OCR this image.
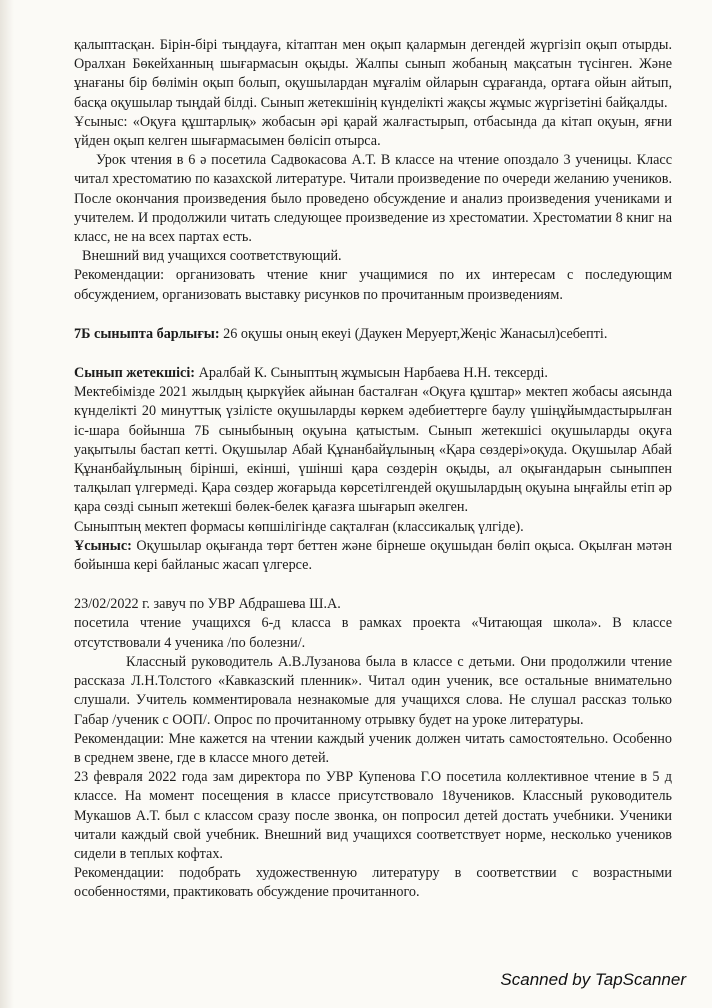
қалыптасқан. Бірін-бірі тыңдауға, кітаптан мен оқып қалармын дегендей жүргізіп оқып отырды. Оралхан Бөкейханның шығармасын оқыды. Жалпы сынып жобаның мақсатын түсінген. Және ұнағаны бір бөлімін оқып болып, оқушылардан мұғалім ойларын сұрағанда, ортаға ойын айтып, басқа оқушылар тыңдай білді. Сынып жетекшінің күнделікті жақсы жұмыс жүргізетіні байқалды.

Ұсыныс: «Оқуға құштарлық» жобасын әрі қарай жалғастырып, отбасында да кітап оқуын, яғни үйден оқып келген шығармасымен бөлісіп отырса.

Урок чтения в 6 ә посетила Садвокасова А.Т. В классе на чтение опоздало 3 ученицы. Класс читал хрестоматию по казахской литературе. Читали произведение по очереди желанию учеников. После окончания произведения было проведено обсуждение и анализ произведения учениками и учителем. И продолжили читать следующее произведение из хрестоматии. Хрестоматии 8 книг на класс, не на всех партах есть.

Внешний вид учащихся соответствующий.

Рекомендации: организовать чтение книг учащимися по их интересам с последующим обсуждением, организовать выставку рисунков по прочитанным произведениям.

7Б сыныпта барлығы: 26 оқушы оның екеуі (Даукен Меруерт,Жеңіс Жанасыл)себепті.

Сынып жетекшісі: Аралбай К. Сыныптың жұмысын Нарбаева Н.Н. тексерді.

Мектебімізде 2021 жылдың қыркүйек айынан басталған «Оқуға құштар» мектеп жобасы аясында күнделікті 20 минуттық үзілісте оқушыларды көркем әдебиеттерге баулу үшіңұйымдастырылған іс-шара бойынша 7Б сыныбының оқуына қатыстым. Сынып жетекшісі оқушыларды оқуға уақытылы бастап кетті. Оқушылар Абай Құнанбайұлының «Қара сөздері»оқуда. Оқушылар Абай Құнанбайұлының бірінші, екінші, үшінші қара сөздерін оқыды, ал оқығандарын сыныппен талқылап үлгермеді. Қара сөздер жоғарыда көрсетілгендей оқушылардың оқуына ыңғайлы етіп әр қара сөзді сынып жетекші бөлек-белек қағазға шығарып әкелген.

Сыныптың мектеп формасы көпшілігінде сақталған (классикалық үлгіде).

Ұсыныс: Оқушылар оқығанда төрт беттен және бірнеше оқушыдан бөліп оқыса. Оқылған мәтән бойынша кері байланыс жасап үлгерсе.

23/02/2022 г. завуч по УВР Абдрашева Ш.А.

посетила чтение учащихся 6-д класса в рамках проекта «Читающая школа». В классе отсутствовали 4 ученика /по болезни/.

Классный руководитель А.В.Лузанова была в классе с детьми. Они продолжили чтение рассказа Л.Н.Толстого «Кавказский пленник». Читал один ученик, все остальные внимательно слушали. Учитель комментировала незнакомые для учащихся слова. Не слушал рассказ только Габар /ученик с ООП/. Опрос по прочитанному отрывку будет на уроке литературы.

Рекомендации: Мне кажется на чтении каждый ученик должен читать самостоятельно. Особенно в среднем звене, где в классе много детей.

23 февраля 2022 года зам директора по УВР Купенова Г.О посетила коллективное чтение в 5 д классе. На момент посещения в классе присутствовало 18учеников. Классный руководитель Мукашов А.Т. был с классом сразу после звонка, он попросил детей достать учебники. Ученики читали каждый свой учебник. Внешний вид учащихся соответствует норме, несколько учеников сидели в теплых кофтах.

Рекомендации: подобрать художественную литературу в соответствии с возрастными особенностями, практиковать обсуждение прочитанного.

Scanned by TapScanner
